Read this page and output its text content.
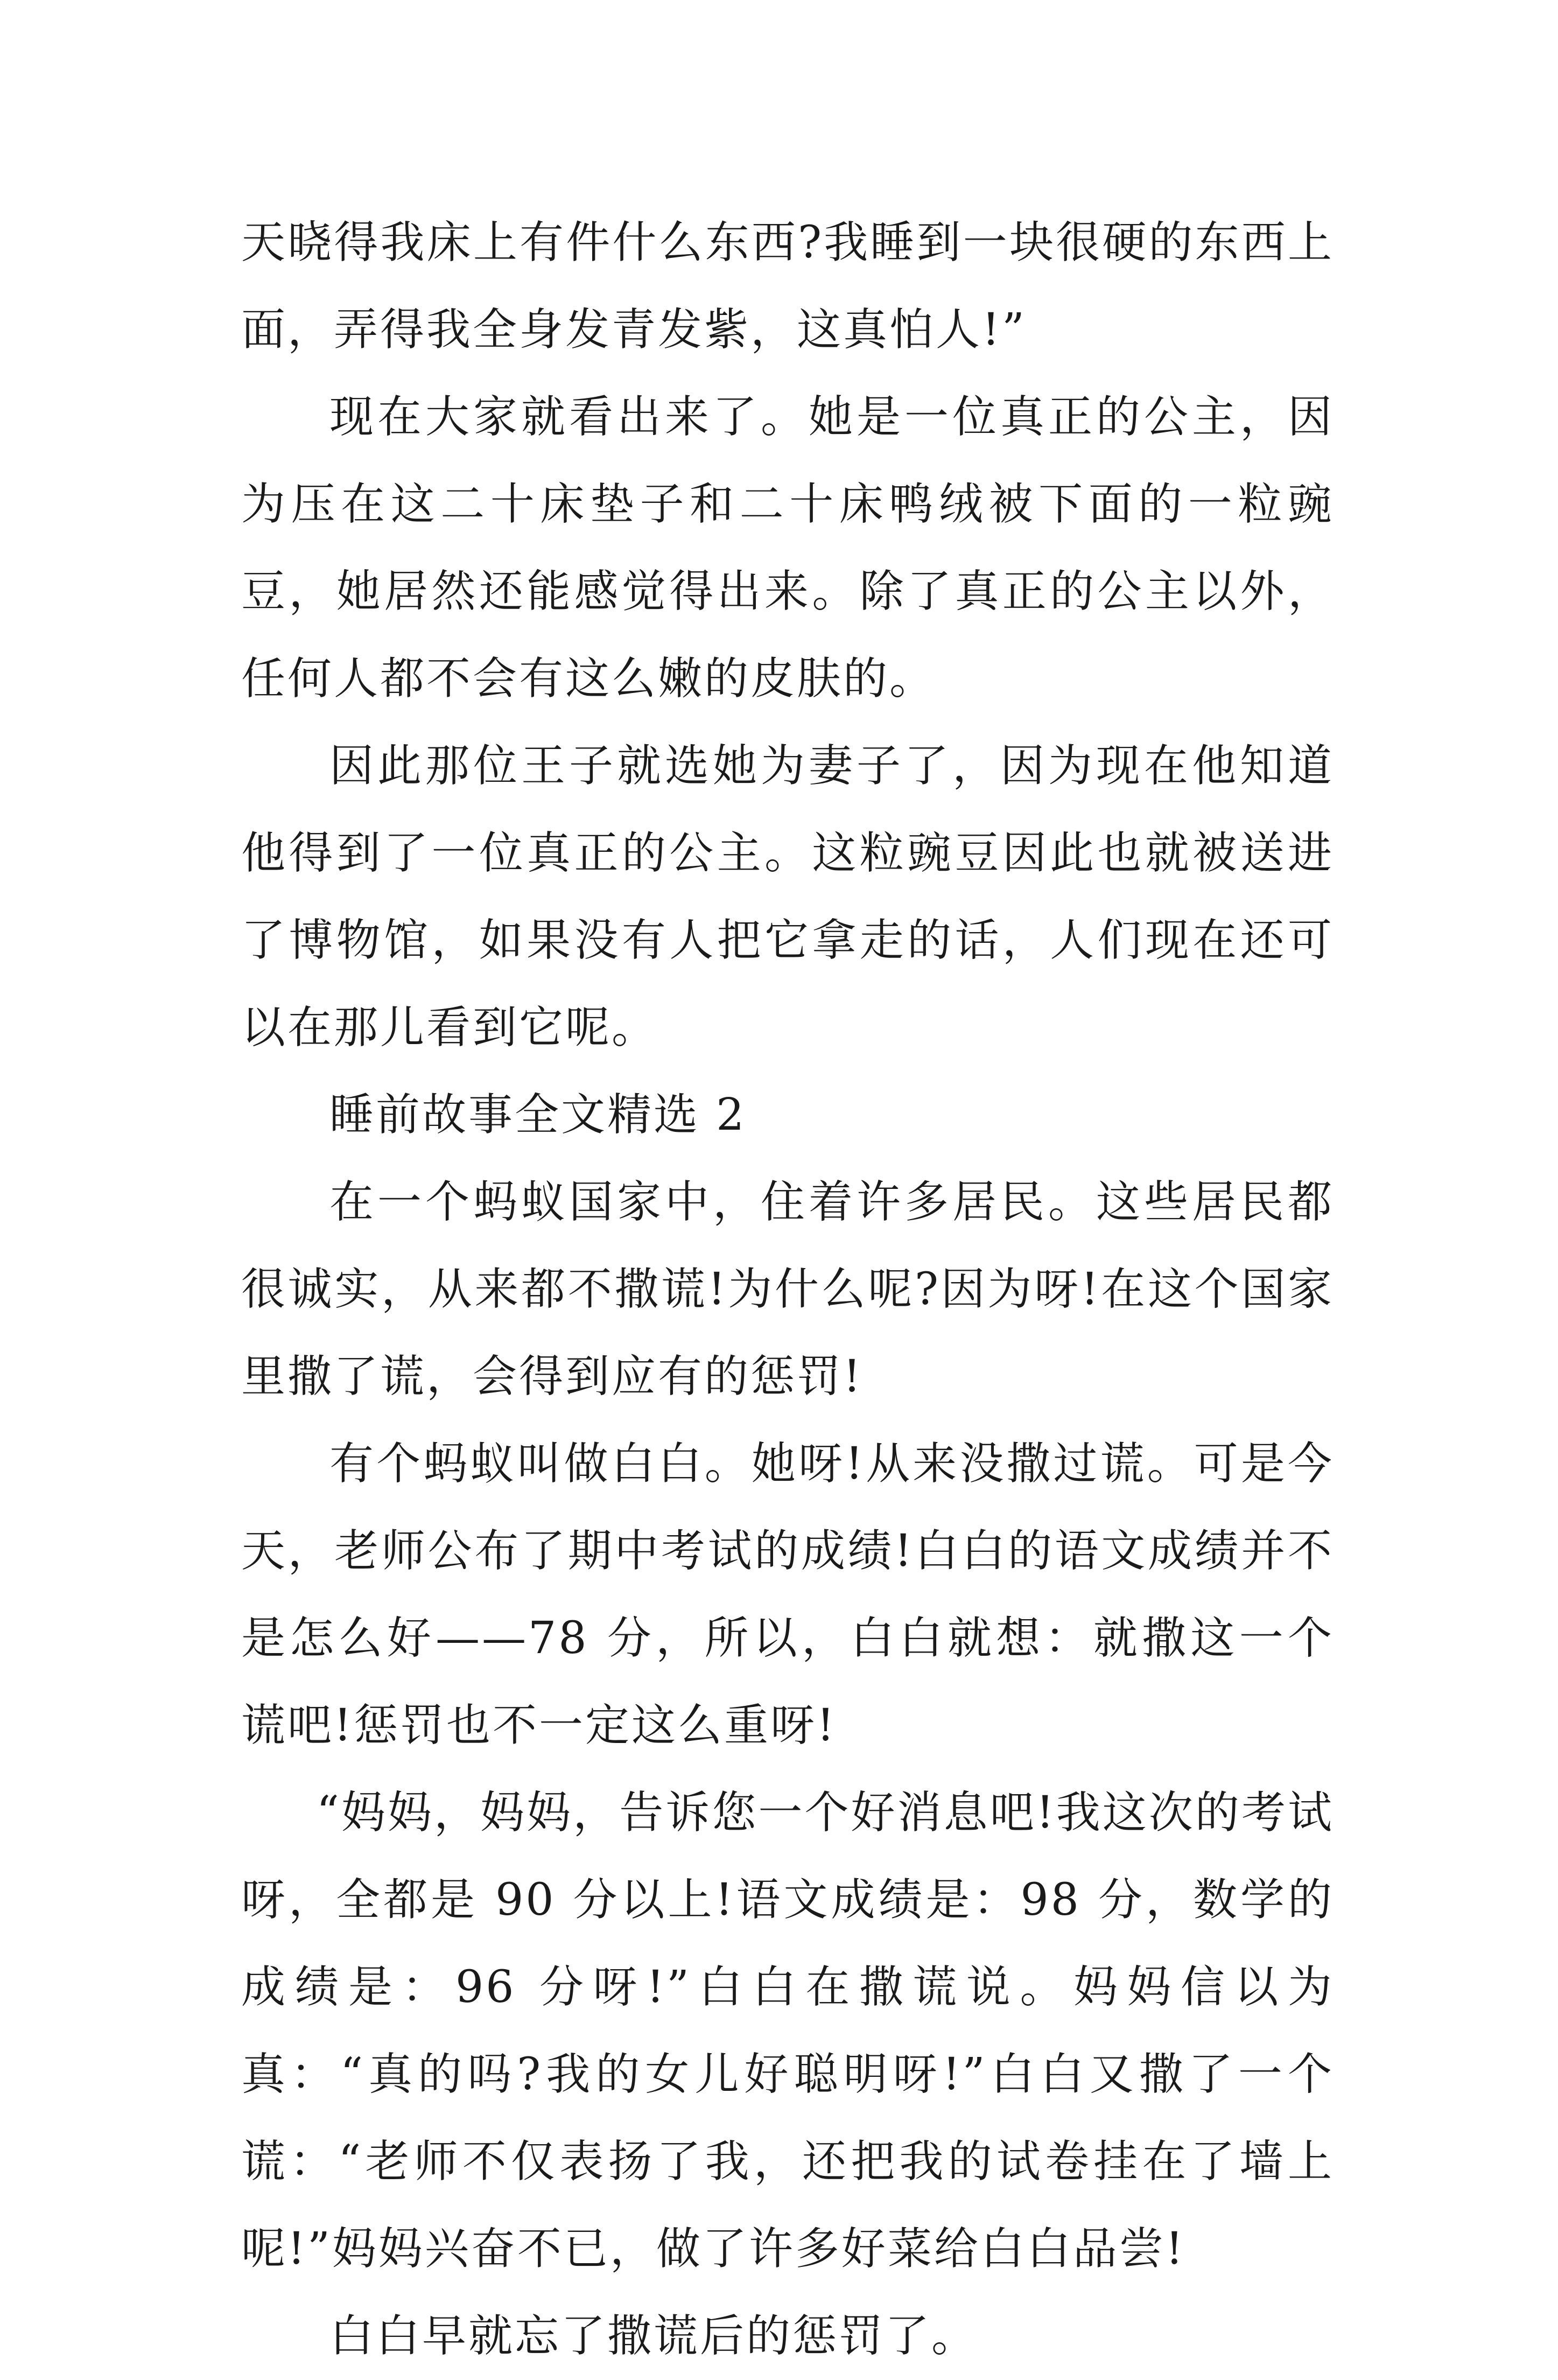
天晓得我床上有件什么东西?我睡到一块很硬的东西上面，弄得我全身发青发紫，这真怕人!”

现在大家就看出来了。她是一位真正的公主，因为压在这二十床垫子和二十床鸭绒被下面的一粒豌豆，她居然还能感觉得出来。除了真正的公主以外，任何人都不会有这么嫩的皮肤的。

因此那位王子就选她为妻子了，因为现在他知道他得到了一位真正的公主。这粒豌豆因此也就被送进了博物馆，如果没有人把它拿走的话，人们现在还可以在那儿看到它呢。

睡前故事全文精选 2

在一个蚂蚁国家中，住着许多居民。这些居民都很诚实，从来都不撒谎!为什么呢?因为呀!在这个国家里撒了谎，会得到应有的惩罚!

有个蚂蚁叫做白白。她呀!从来没撒过谎。可是今天，老师公布了期中考试的成绩!白白的语文成绩并不是怎么好——78 分，所以，白白就想：就撒这一个谎吧!惩罚也不一定这么重呀!

“妈妈，妈妈，告诉您一个好消息吧!我这次的考试呀，全都是 90 分以上!语文成绩是：98 分，数学的成绩是：96 分呀!”白白在撒谎说。妈妈信以为真：“真的吗?我的女儿好聪明呀!”白白又撒了一个谎：“老师不仅表扬了我，还把我的试卷挂在了墙上呢!”妈妈兴奋不已，做了许多好菜给白白品尝!

白白早就忘了撒谎后的惩罚了。
